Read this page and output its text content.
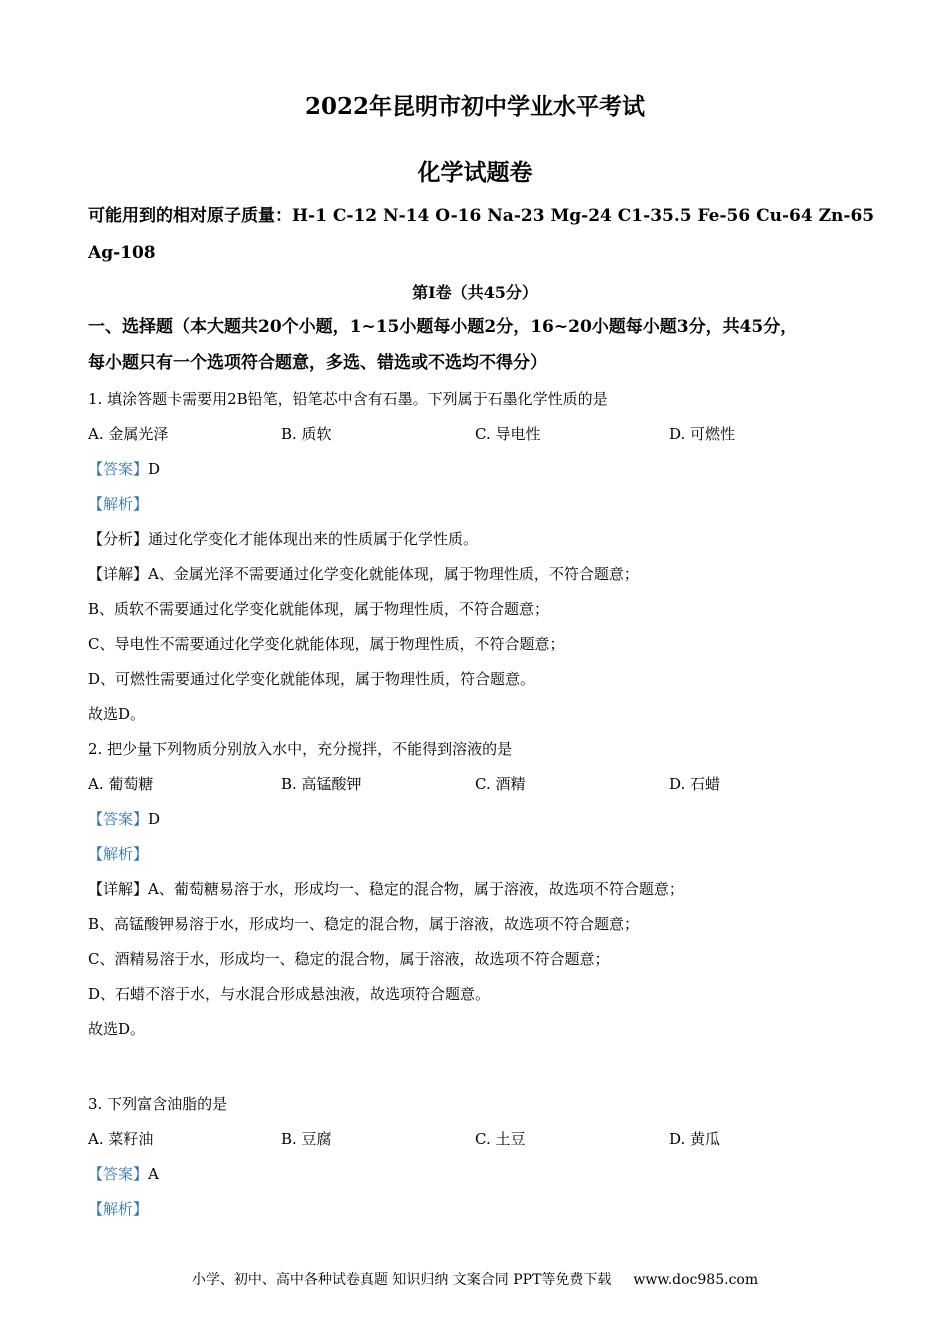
2022年昆明市初中学业水平考试
化学试题卷
可能用到的相对原子质量：H-1 C-12 N-14 O-16 Na-23 Mg-24 C1-35.5 Fe-56 Cu-64 Zn-65
Ag-108
第Ⅰ卷（共45分）
一、选择题（本大题共20个小题，1~15小题每小题2分，16~20小题每小题3分，共45分，
每小题只有一个选项符合题意，多选、错选或不选均不得分）
1. 填涂答题卡需要用2B铅笔，铅笔芯中含有石墨。下列属于石墨化学性质的是
A. 金属光泽	B. 质软	C. 导电性	D. 可燃性
【答案】D
【解析】
【分析】通过化学变化才能体现出来的性质属于化学性质。
【详解】A、金属光泽不需要通过化学变化就能体现，属于物理性质，不符合题意；
B、质软不需要通过化学变化就能体现，属于物理性质，不符合题意；
C、导电性不需要通过化学变化就能体现，属于物理性质，不符合题意；
D、可燃性需要通过化学变化就能体现，属于物理性质，符合题意。
故选D。
2. 把少量下列物质分别放入水中，充分搅拌，不能得到溶液的是
A. 葡萄糖	B. 高锰酸钾	C. 酒精	D. 石蜡
【答案】D
【解析】
【详解】A、葡萄糖易溶于水，形成均一、稳定的混合物，属于溶液，故选项不符合题意；
B、高锰酸钾易溶于水，形成均一、稳定的混合物，属于溶液，故选项不符合题意；
C、酒精易溶于水，形成均一、稳定的混合物，属于溶液，故选项不符合题意；
D、石蜡不溶于水，与水混合形成悬浊液，故选项符合题意。
故选D。
3. 下列富含油脂的是
A. 菜籽油	B. 豆腐	C. 土豆	D. 黄瓜
【答案】A
【解析】
小学、初中、高中各种试卷真题 知识归纳 文案合同 PPT等免费下载 www.doc985.com
